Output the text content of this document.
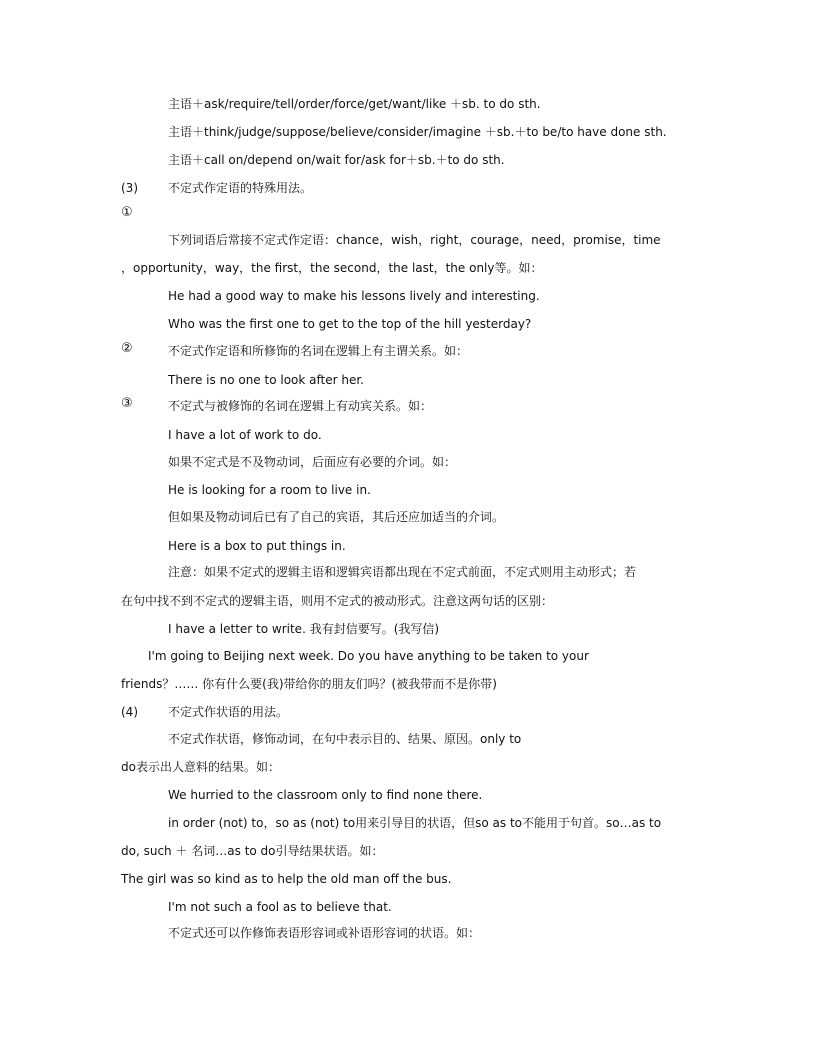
主语＋ask/require/tell/order/force/get/want/like ＋sb. to do sth.
主语＋think/judge/suppose/believe/consider/imagine ＋sb.＋to be/to have done sth.
主语＋call on/depend on/wait for/ask for＋sb.＋to do sth.
(3)	不定式作定语的特殊用法。
①
下列词语后常接不定式作定语：chance，wish，right，courage，need，promise，time
，opportunity，way，the first，the second，the last，the only等。如：
He had a good way to make his lessons lively and interesting.
Who was the first one to get to the top of the hill yesterday?
②	不定式作定语和所修饰的名词在逻辑上有主谓关系。如：
There is no one to look after her.
③	不定式与被修饰的名词在逻辑上有动宾关系。如：
I have a lot of work to do.
如果不定式是不及物动词，后面应有必要的介词。如：
He is looking for a room to live in.
但如果及物动词后已有了自己的宾语，其后还应加适当的介词。
Here is a box to put things in.
注意：如果不定式的逻辑主语和逻辑宾语都出现在不定式前面，不定式则用主动形式；若
在句中找不到不定式的逻辑主语，则用不定式的被动形式。注意这两句话的区别：
I have a letter to write. 我有封信要写。(我写信)
I'm going to Beijing next week. Do you have anything to be taken to your
friends？…… 你有什么要(我)带给你的朋友们吗？(被我带而不是你带)
(4)	不定式作状语的用法。
不定式作状语，修饰动词，在句中表示目的、结果、原因。only to
do表示出人意料的结果。如：
We hurried to the classroom only to find none there.
in order (not) to，so as (not) to用来引导目的状语，但so as to不能用于句首。so…as to
do, such ＋ 名词…as to do引导结果状语。如：
The girl was so kind as to help the old man off the bus.
I'm not such a fool as to believe that.
不定式还可以作修饰表语形容词或补语形容词的状语。如：
